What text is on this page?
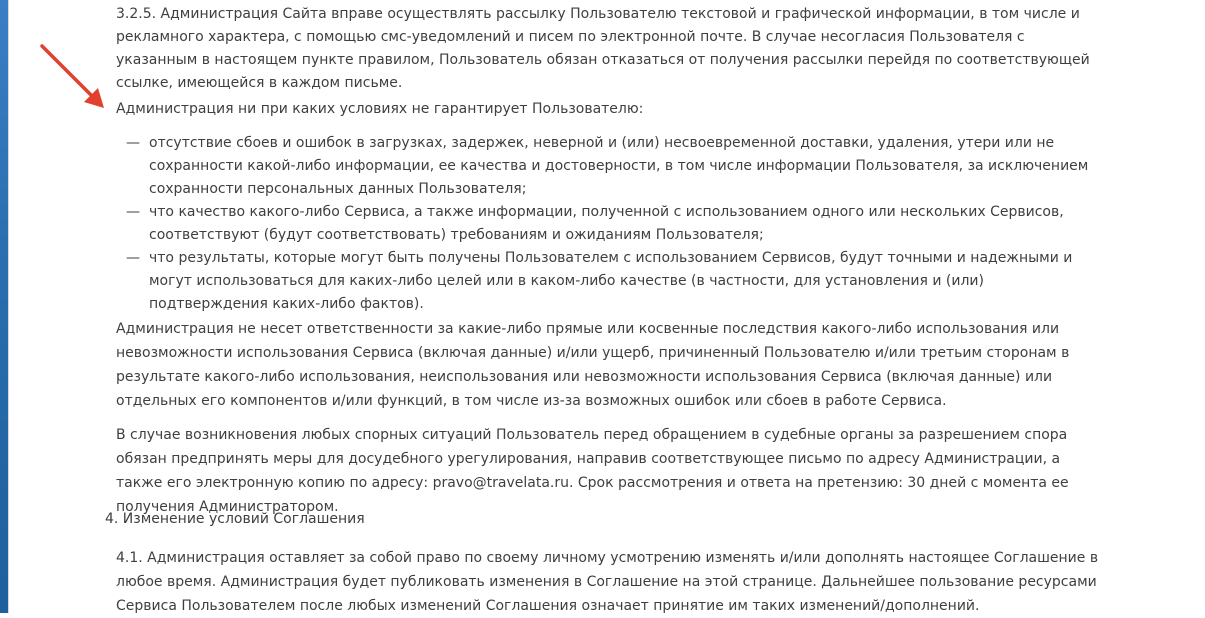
3.2.5. Администрация Сайта вправе осуществлять рассылку Пользователю текстовой и графической информации, в том числе и рекламного характера, с помощью смс-уведомлений и писем по электронной почте. В случае несогласия Пользователя с указанным в настоящем пункте правилом, Пользователь обязан отказаться от получения рассылки перейдя по соответствующей ссылке, имеющейся в каждом письме.

Администрация ни при каких условиях не гарантирует Пользователю:

— отсутствие сбоев и ошибок в загрузках, задержек, неверной и (или) несвоевременной доставки, удаления, утери или не сохранности какой-либо информации, ее качества и достоверности, в том числе информации Пользователя, за исключением сохранности персональных данных Пользователя;
— что качество какого-либо Сервиса, а также информации, полученной с использованием одного или нескольких Сервисов, соответствуют (будут соответствовать) требованиям и ожиданиям Пользователя;
— что результаты, которые могут быть получены Пользователем с использованием Сервисов, будут точными и надежными и могут использоваться для каких-либо целей или в каком-либо качестве (в частности, для установления и (или) подтверждения каких-либо фактов).

Администрация не несет ответственности за какие-либо прямые или косвенные последствия какого-либо использования или невозможности использования Сервиса (включая данные) и/или ущерб, причиненный Пользователю и/или третьим сторонам в результате какого-либо использования, неиспользования или невозможности использования Сервиса (включая данные) или отдельных его компонентов и/или функций, в том числе из-за возможных ошибок или сбоев в работе Сервиса.

В случае возникновения любых спорных ситуаций Пользователь перед обращением в судебные органы за разрешением спора обязан предпринять меры для досудебного урегулирования, направив соответствующее письмо по адресу Администрации, а также его электронную копию по адресу: pravo@travelata.ru. Срок рассмотрения и ответа на претензию: 30 дней с момента ее получения Администратором.

4. Изменение условий Соглашения

4.1. Администрация оставляет за собой право по своему личному усмотрению изменять и/или дополнять настоящее Соглашение в любое время. Администрация будет публиковать изменения в Соглашение на этой странице. Дальнейшее пользование ресурсами Сервиса Пользователем после любых изменений Соглашения означает принятие им таких изменений/дополнений.
